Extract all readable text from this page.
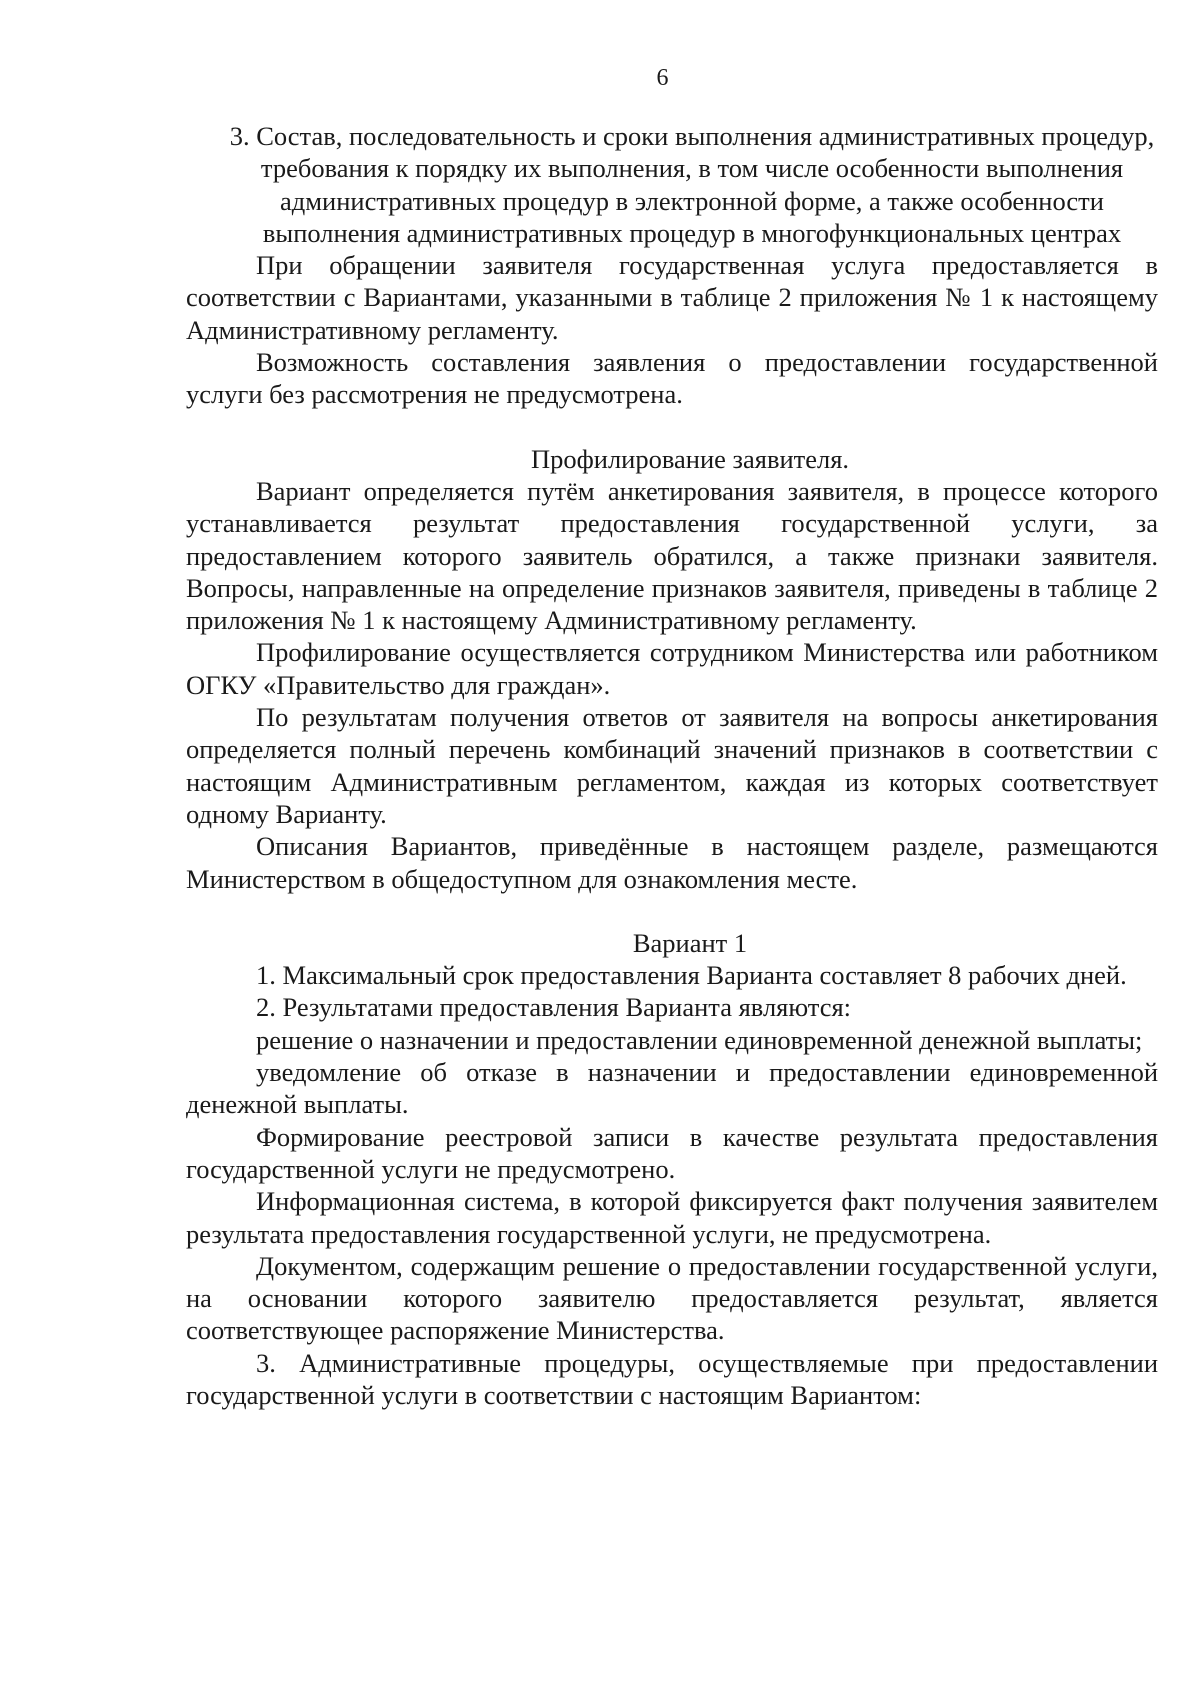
6

3. Состав, последовательность и сроки выполнения административных процедур, требования к порядку их выполнения, в том числе особенности выполнения административных процедур в электронной форме, а также особенности выполнения административных процедур в многофункциональных центрах

При обращении заявителя государственная услуга предоставляется в соответствии с Вариантами, указанными в таблице 2 приложения № 1 к настоящему Административному регламенту.

Возможность составления заявления о предоставлении государственной услуги без рассмотрения не предусмотрена.

Профилирование заявителя.

Вариант определяется путём анкетирования заявителя, в процессе которого устанавливается результат предоставления государственной услуги, за предоставлением которого заявитель обратился, а также признаки заявителя. Вопросы, направленные на определение признаков заявителя, приведены в таблице 2 приложения № 1 к настоящему Административному регламенту.

Профилирование осуществляется сотрудником Министерства или работником ОГКУ «Правительство для граждан».

По результатам получения ответов от заявителя на вопросы анкетирования определяется полный перечень комбинаций значений признаков в соответствии с настоящим Административным регламентом, каждая из которых соответствует одному Варианту.

Описания Вариантов, приведённые в настоящем разделе, размещаются Министерством в общедоступном для ознакомления месте.

Вариант 1

1. Максимальный срок предоставления Варианта составляет 8 рабочих дней.

2. Результатами предоставления Варианта являются:

решение о назначении и предоставлении единовременной денежной выплаты;

уведомление об отказе в назначении и предоставлении единовременной денежной выплаты.

Формирование реестровой записи в качестве результата предоставления государственной услуги не предусмотрено.

Информационная система, в которой фиксируется факт получения заявителем результата предоставления государственной услуги, не предусмотрена.

Документом, содержащим решение о предоставлении государственной услуги, на основании которого заявителю предоставляется результат, является соответствующее распоряжение Министерства.

3. Административные процедуры, осуществляемые при предоставлении государственной услуги в соответствии с настоящим Вариантом:
